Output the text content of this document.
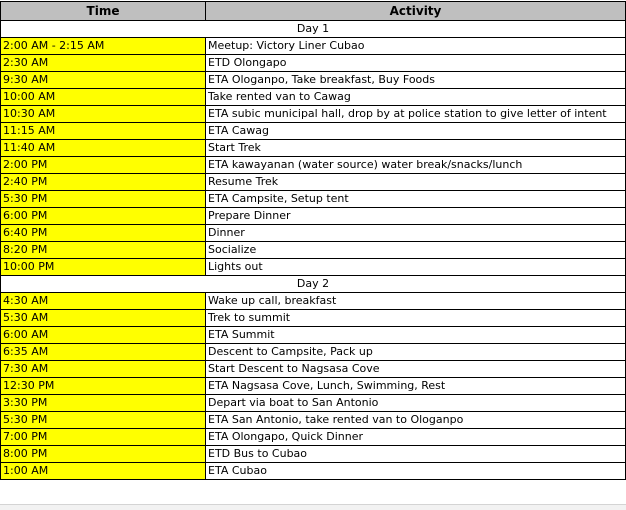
Time	Activity
Day 1	
2:00 AM - 2:15 AM	Meetup: Victory Liner Cubao
2:30 AM	ETD Olongapo
9:30 AM	ETA Ologanpo, Take breakfast, Buy Foods
10:00 AM	Take rented van to Cawag
10:30 AM	ETA subic municipal hall, drop by at police station to give letter of intent
11:15 AM	ETA Cawag
11:40 AM	Start Trek
2:00 PM	ETA kawayanan (water source) water break/snacks/lunch
2:40 PM	Resume Trek
5:30 PM	ETA Campsite, Setup tent
6:00 PM	Prepare Dinner
6:40 PM	Dinner
8:20 PM	Socialize
10:00 PM	Lights out
Day 2	
4:30 AM	Wake up call, breakfast
5:30 AM	Trek to summit
6:00 AM	ETA Summit
6:35 AM	Descent to Campsite, Pack up
7:30 AM	Start Descent to Nagsasa Cove
12:30 PM	ETA Nagsasa Cove, Lunch, Swimming, Rest
3:30 PM	Depart via boat to San Antonio
5:30 PM	ETA San Antonio, take rented van to Ologanpo
7:00 PM	ETA Olongapo, Quick Dinner
8:00 PM	ETD Bus to Cubao
1:00 AM	ETA Cubao
